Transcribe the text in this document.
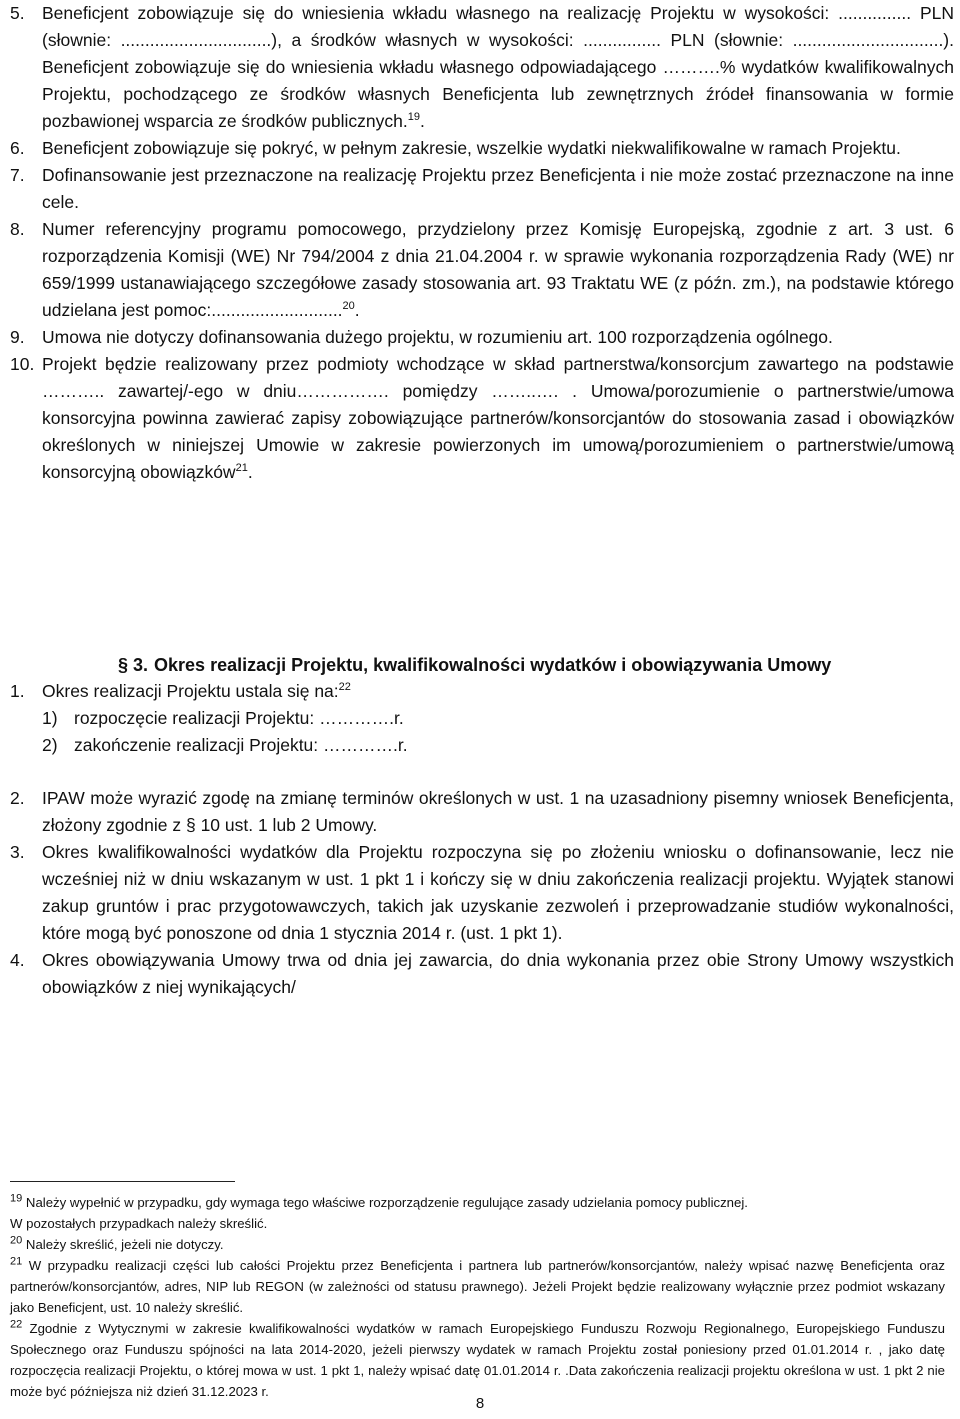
5. Beneficjent zobowiązuje się do wniesienia wkładu własnego na realizację Projektu w wysokości: ............... PLN (słownie: ...............................), a środków własnych w wysokości: ................ PLN (słownie: ...............................). Beneficjent zobowiązuje się do wniesienia wkładu własnego odpowiadającego ……….% wydatków kwalifikowalnych Projektu, pochodzącego ze środków własnych Beneficjenta lub zewnętrznych źródeł finansowania w formie pozbawionej wsparcia ze środków publicznych.$^{19}$.
6. Beneficjent zobowiązuje się pokryć, w pełnym zakresie, wszelkie wydatki niekwalifikowalne w ramach Projektu.
7. Dofinansowanie jest przeznaczone na realizację Projektu przez Beneficjenta i nie może zostać przeznaczone na inne cele.
8. Numer referencyjny programu pomocowego, przydzielony przez Komisję Europejską, zgodnie z art. 3 ust. 6 rozporządzenia Komisji (WE) Nr 794/2004 z dnia 21.04.2004 r. w sprawie wykonania rozporządzenia Rady (WE) nr 659/1999 ustanawiającego szczegółowe zasady stosowania art. 93 Traktatu WE (z późn. zm.), na podstawie którego udzielana jest pomoc:...........................$^{20}$.
9. Umowa nie dotyczy dofinansowania dużego projektu, w rozumieniu art. 100 rozporządzenia ogólnego.
10. Projekt będzie realizowany przez podmioty wchodzące w skład partnerstwa/konsorcjum zawartego na podstawie ……….. zawartej/-ego w dniu……………. pomiędzy ……..…. . Umowa/porozumienie o partnerstwie/umowa konsorcyjna powinna zawierać zapisy zobowiązujące partnerów/konsorcjantów do stosowania zasad i obowiązków określonych w niniejszej Umowie w zakresie powierzonych im umową/porozumieniem o partnerstwie/umową konsorcyjną obowiązków$^{21}$.
§ 3. Okres realizacji Projektu, kwalifikowalności wydatków i obowiązywania Umowy
1. Okres realizacji Projektu ustala się na:$^{22}$
1) rozpoczęcie realizacji Projektu: ………….r.
2) zakończenie realizacji Projektu: ………….r.
2. IPAW może wyrazić zgodę na zmianę terminów określonych w ust. 1 na uzasadniony pisemny wniosek Beneficjenta, złożony zgodnie z § 10 ust. 1 lub 2 Umowy.
3. Okres kwalifikowalności wydatków dla Projektu rozpoczyna się po złożeniu wniosku o dofinansowanie, lecz nie wcześniej niż w dniu wskazanym w ust. 1 pkt 1 i kończy się w dniu zakończenia realizacji projektu. Wyjątek stanowi zakup gruntów i prac przygotowawczych, takich jak uzyskanie zezwoleń i przeprowadzanie studiów wykonalności, które mogą być ponoszone od dnia 1 stycznia 2014 r. (ust. 1 pkt 1).
4. Okres obowiązywania Umowy trwa od dnia jej zawarcia, do dnia wykonania przez obie Strony Umowy wszystkich obowiązków z niej wynikających/
$^{19}$ Należy wypełnić w przypadku, gdy wymaga tego właściwe rozporządzenie regulujące zasady udzielania pomocy publicznej.
W pozostałych przypadkach należy skreślić.
$^{20}$ Należy skreślić, jeżeli nie dotyczy.
$^{21}$ W przypadku realizacji części lub całości Projektu przez Beneficjenta i partnera lub partnerów/konsorcjantów, należy wpisać nazwę Beneficjenta oraz partnerów/konsorcjantów, adres, NIP lub REGON (w zależności od statusu prawnego). Jeżeli Projekt będzie realizowany wyłącznie przez podmiot wskazany jako Beneficjent, ust. 10 należy skreślić.
$^{22}$ Zgodnie z Wytycznymi w zakresie kwalifikowalności wydatków w ramach Europejskiego Funduszu Rozwoju Regionalnego, Europejskiego Funduszu Społecznego oraz Funduszu spójności na lata 2014-2020, jeżeli pierwszy wydatek w ramach Projektu został poniesiony przed 01.01.2014 r. , jako datę rozpoczęcia realizacji Projektu, o której mowa w ust. 1 pkt 1, należy wpisać datę 01.01.2014 r. .Data zakończenia realizacji projektu określona w ust. 1 pkt 2 nie może być późniejsza niż dzień 31.12.2023 r.
8
